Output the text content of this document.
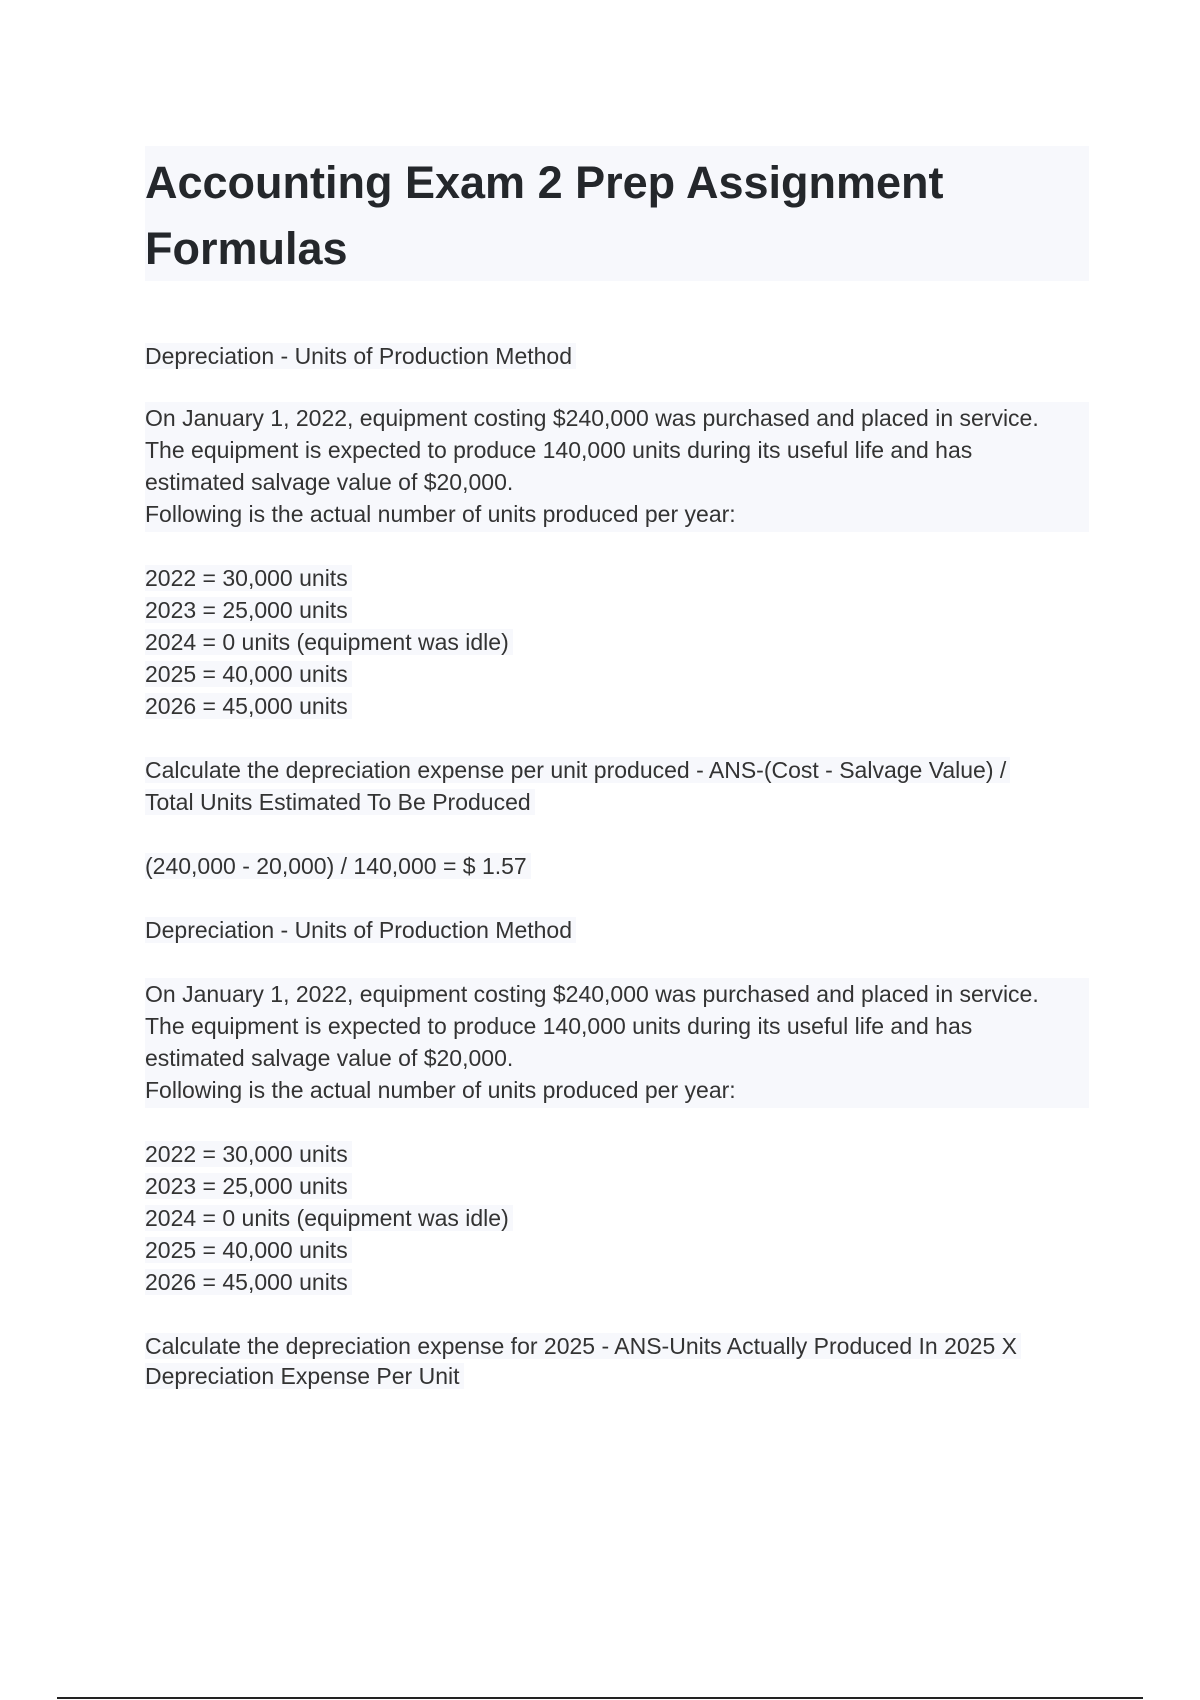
Accounting Exam 2 Prep Assignment
Formulas
Depreciation - Units of Production Method
On January 1, 2022, equipment costing $240,000 was purchased and placed in service.
The equipment is expected to produce 140,000 units during its useful life and has
estimated salvage value of $20,000.
Following is the actual number of units produced per year:
2022 = 30,000 units
2023 = 25,000 units
2024 = 0 units (equipment was idle)
2025 = 40,000 units
2026 = 45,000 units
Calculate the depreciation expense per unit produced - ANS-(Cost - Salvage Value) /
Total Units Estimated To Be Produced
(240,000 - 20,000) / 140,000 = $ 1.57
Depreciation - Units of Production Method
On January 1, 2022, equipment costing $240,000 was purchased and placed in service.
The equipment is expected to produce 140,000 units during its useful life and has
estimated salvage value of $20,000.
Following is the actual number of units produced per year:
2022 = 30,000 units
2023 = 25,000 units
2024 = 0 units (equipment was idle)
2025 = 40,000 units
2026 = 45,000 units
Calculate the depreciation expense for 2025 - ANS-Units Actually Produced In 2025 X
Depreciation Expense Per Unit
